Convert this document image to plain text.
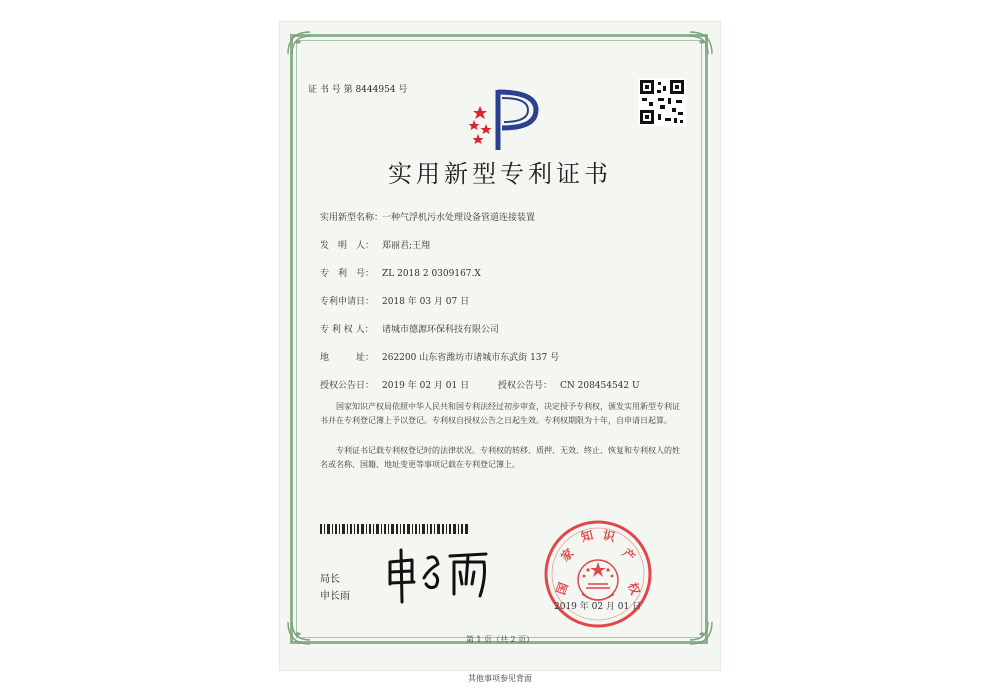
证 书 号 第 8444954 号
实用新型专利证书
实用新型名称：一种气浮机污水处理设备管道连接装置
发　明　人： 郑丽君;王翔
专　利　号： ZL 2018 2 0309167.X
专利申请日： 2018 年 03 月 07 日
专 利 权 人： 诸城市德源环保科技有限公司
地　　　址： 262200 山东省潍坊市诸城市东武街 137 号
授权公告日： 2019 年 02 月 01 日	授权公告号： CN 208454542 U
国家知识产权局依照中华人民共和国专利法经过初步审查，决定授予专利权，颁发实用新型专利证书并在专利登记簿上予以登记。专利权自授权公告之日起生效。专利权期限为十年，自申请日起算。
专利证书记载专利权登记时的法律状况。专利权的转移、质押、无效、终止、恢复和专利权人的姓名或名称、国籍、地址变更等事项记载在专利登记簿上。
局长
申长雨	国
家
知 识
产
权
2019 年 02 月 01 日
第 1 页（共 2 页）
其他事项参见背面
